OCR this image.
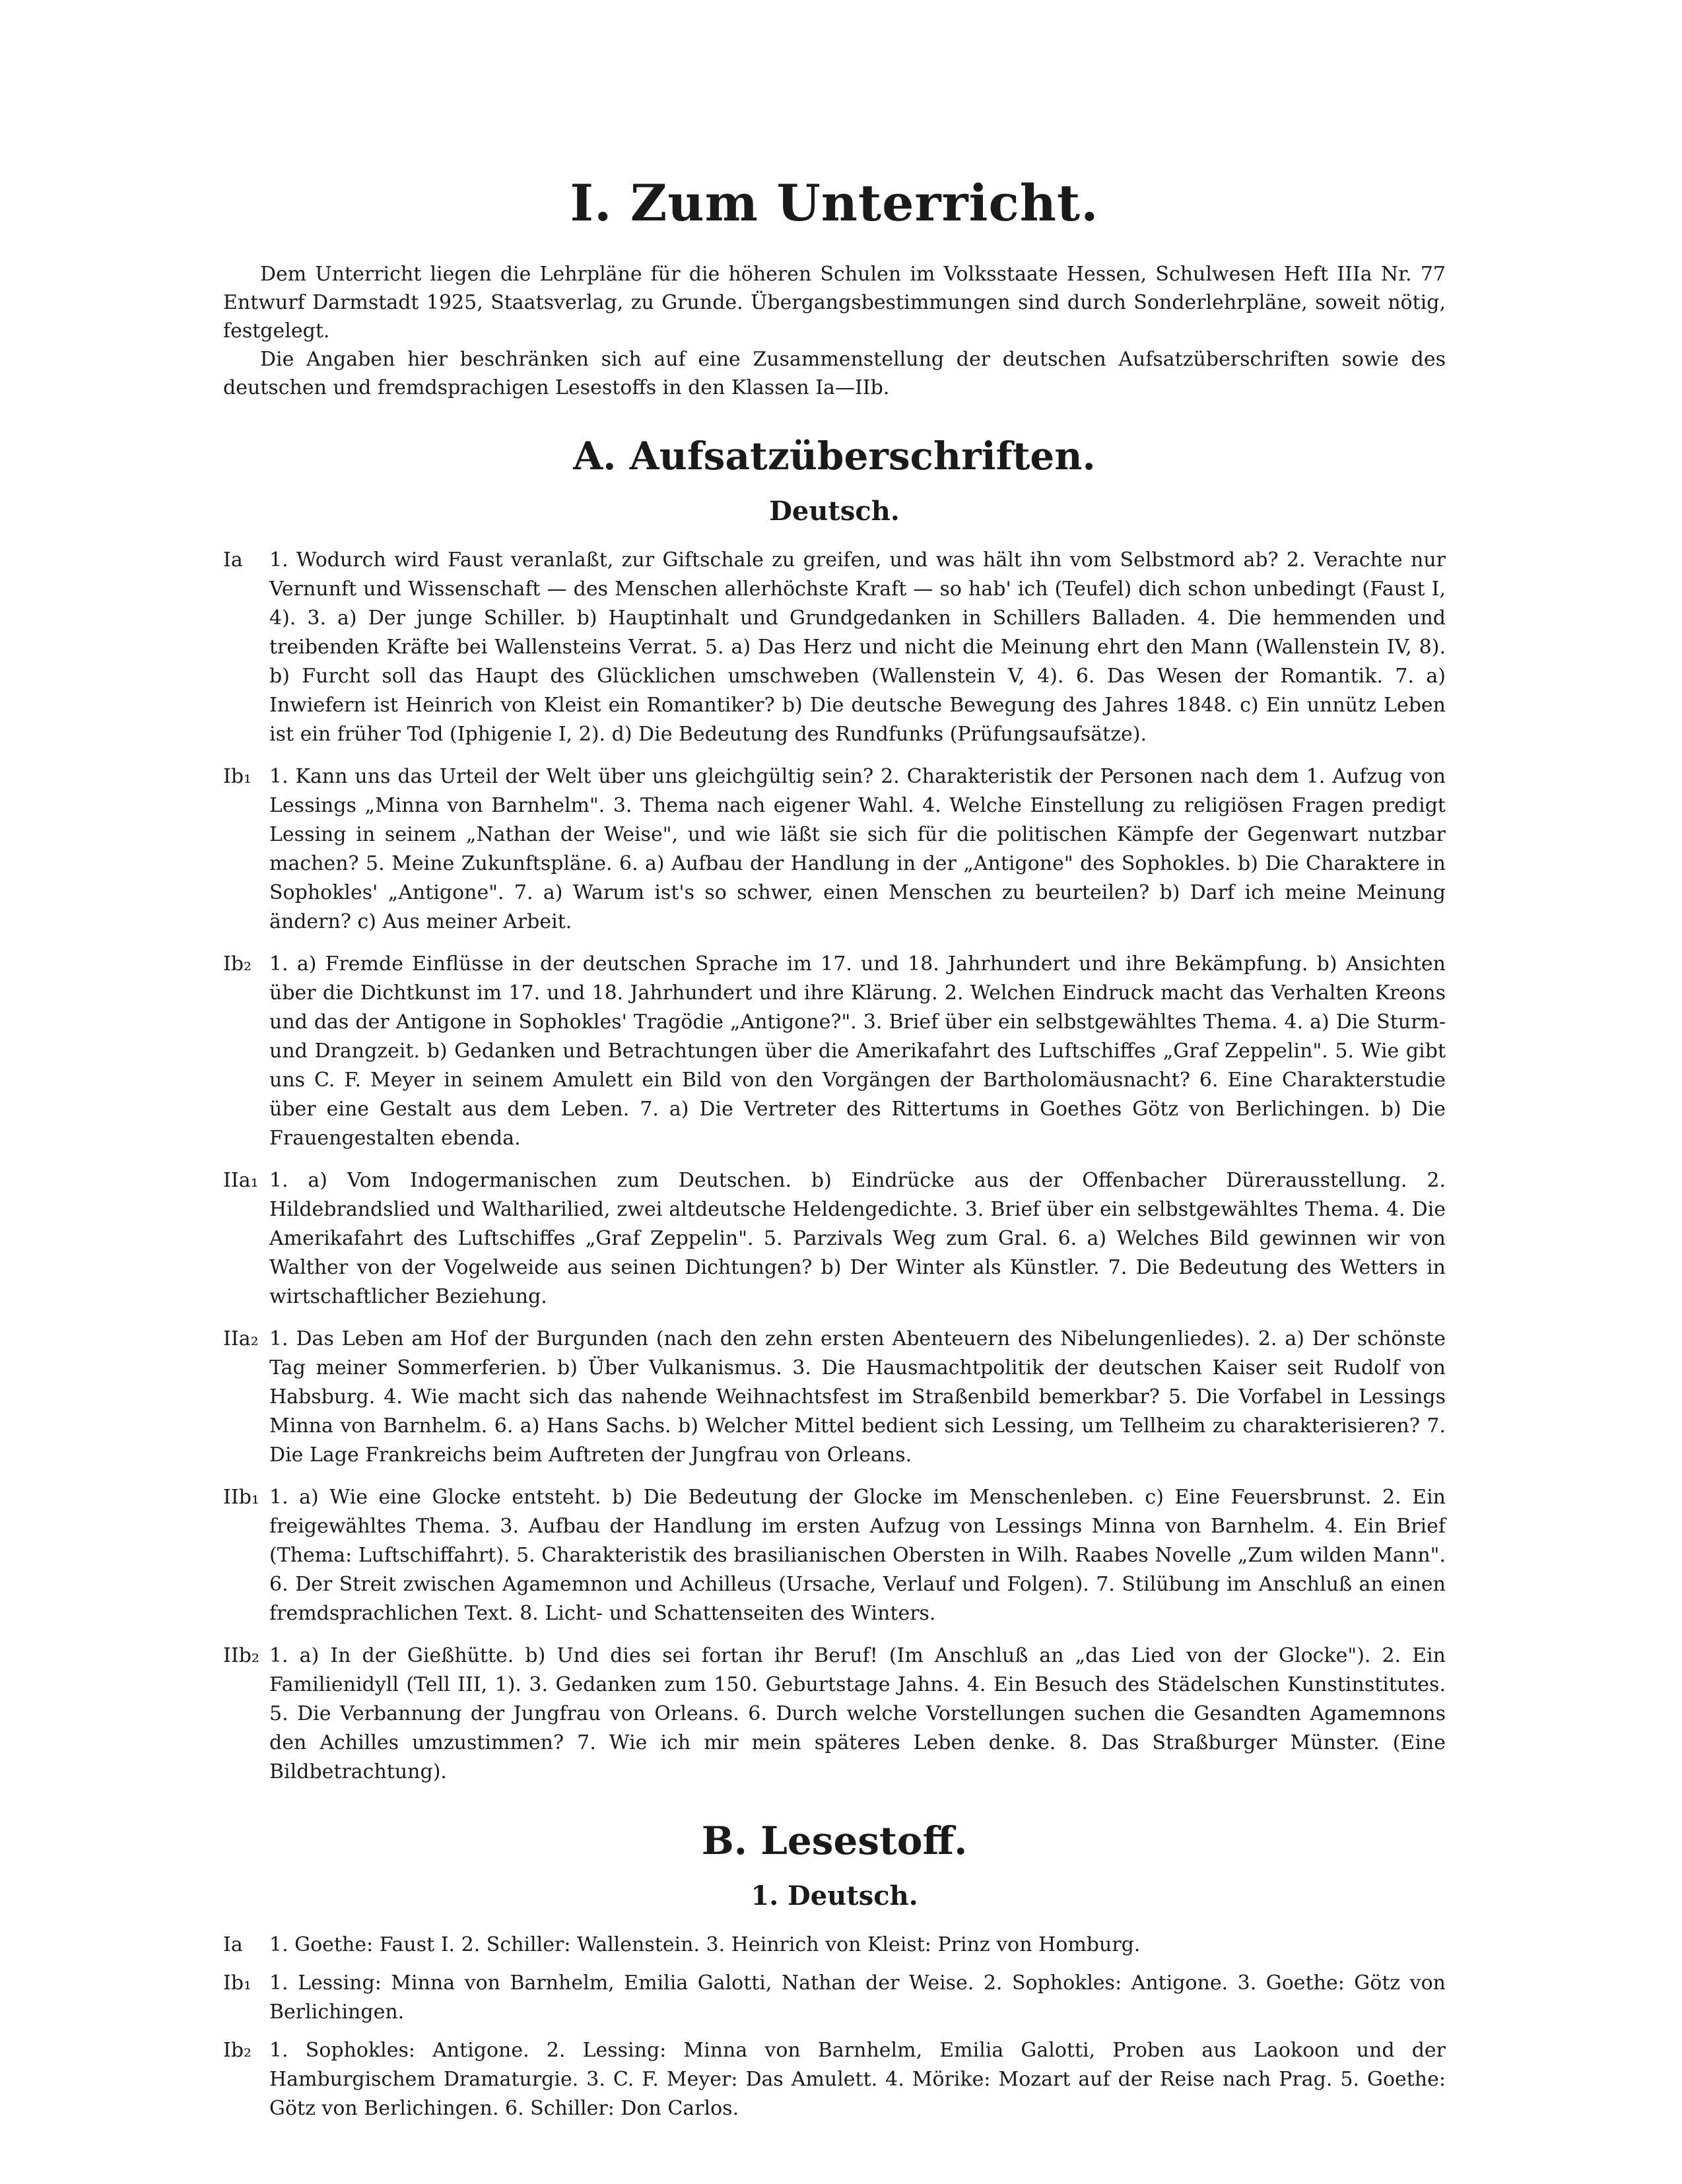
I. Zum Unterricht.

Dem Unterricht liegen die Lehrpläne für die höheren Schulen im Volksstaate Hessen, Schulwesen Heft IIIa Nr. 77 Entwurf Darmstadt 1925, Staatsverlag, zu Grunde. Übergangsbestimmungen sind durch Sonderlehrpläne, soweit nötig, festgelegt.

Die Angaben hier beschränken sich auf eine Zusammenstellung der deutschen Aufsatzüberschriften sowie des deutschen und fremdsprachigen Lesestoffs in den Klassen Ia—IIb.

A. Aufsatzüberschriften.
Deutsch.
Ia	1. Wodurch wird Faust veranlaßt, zur Giftschale zu greifen, und was hält ihn vom Selbstmord ab? 2. Verachte nur Vernunft und Wissenschaft — des Menschen allerhöchste Kraft — so hab' ich (Teufel) dich schon unbedingt (Faust I, 4). 3. a) Der junge Schiller. b) Hauptinhalt und Grundgedanken in Schillers Balladen. 4. Die hemmenden und treibenden Kräfte bei Wallensteins Verrat. 5. a) Das Herz und nicht die Meinung ehrt den Mann (Wallenstein IV, 8). b) Furcht soll das Haupt des Glücklichen umschweben (Wallenstein V, 4). 6. Das Wesen der Romantik. 7. a) Inwiefern ist Heinrich von Kleist ein Romantiker? b) Die deutsche Bewegung des Jahres 1848. c) Ein unnütz Leben ist ein früher Tod (Iphigenie I, 2). d) Die Bedeutung des Rundfunks (Prüfungsaufsätze).
Ib₁ 1. Kann uns das Urteil der Welt über uns gleichgültig sein? 2. Charakteristik der Personen nach dem 1. Aufzug von Lessings „Minna von Barnhelm". 3. Thema nach eigener Wahl. 4. Welche Einstellung zu religiösen Fragen predigt Lessing in seinem „Nathan der Weise", und wie läßt sie sich für die politischen Kämpfe der Gegenwart nutzbar machen? 5. Meine Zukunftspläne. 6. a) Aufbau der Handlung in der „Antigone" des Sophokles. b) Die Charaktere in Sophokles' „Antigone". 7. a) Warum ist's so schwer, einen Menschen zu beurteilen? b) Darf ich meine Meinung ändern? c) Aus meiner Arbeit.
Ib₂ 1. a) Fremde Einflüsse in der deutschen Sprache im 17. und 18. Jahrhundert und ihre Bekämpfung. b) Ansichten über die Dichtkunst im 17. und 18. Jahrhundert und ihre Klärung. 2. Welchen Eindruck macht das Verhalten Kreons und das der Antigone in Sophokles' Tragödie „Antigone?". 3. Brief über ein selbstgewähltes Thema. 4. a) Die Sturm- und Drangzeit. b) Gedanken und Betrachtungen über die Amerikafahrt des Luftschiffes „Graf Zeppelin". 5. Wie gibt uns C. F. Meyer in seinem Amulett ein Bild von den Vorgängen der Bartholomäusnacht? 6. Eine Charakterstudie über eine Gestalt aus dem Leben. 7. a) Die Vertreter des Rittertums in Goethes Götz von Berlichingen. b) Die Frauengestalten ebenda.
IIa₁ 1. a) Vom Indogermanischen zum Deutschen. b) Eindrücke aus der Offenbacher Dürerausstellung. 2. Hildebrandslied und Waltharilied, zwei altdeutsche Heldengedichte. 3. Brief über ein selbstgewähltes Thema. 4. Die Amerikafahrt des Luftschiffes „Graf Zeppelin". 5. Parzivals Weg zum Gral. 6. a) Welches Bild gewinnen wir von Walther von der Vogelweide aus seinen Dichtungen? b) Der Winter als Künstler. 7. Die Bedeutung des Wetters in wirtschaftlicher Beziehung.
IIa₂ 1. Das Leben am Hof der Burgunden (nach den zehn ersten Abenteuern des Nibelungenliedes). 2. a) Der schönste Tag meiner Sommerferien. b) Über Vulkanismus. 3. Die Hausmachtpolitik der deutschen Kaiser seit Rudolf von Habsburg. 4. Wie macht sich das nahende Weihnachtsfest im Straßenbild bemerkbar? 5. Die Vorfabel in Lessings Minna von Barnhelm. 6. a) Hans Sachs. b) Welcher Mittel bedient sich Lessing, um Tellheim zu charakterisieren? 7. Die Lage Frankreichs beim Auftreten der Jungfrau von Orleans.
IIb₁ 1. a) Wie eine Glocke entsteht. b) Die Bedeutung der Glocke im Menschenleben. c) Eine Feuersbrunst. 2. Ein freigewähltes Thema. 3. Aufbau der Handlung im ersten Aufzug von Lessings Minna von Barnhelm. 4. Ein Brief (Thema: Luftschiffahrt). 5. Charakteristik des brasilianischen Obersten in Wilh. Raabes Novelle „Zum wilden Mann". 6. Der Streit zwischen Agamemnon und Achilleus (Ursache, Verlauf und Folgen). 7. Stilübung im Anschluß an einen fremdsprachlichen Text. 8. Licht- und Schattenseiten des Winters.
IIb₂ 1. a) In der Gießhütte. b) Und dies sei fortan ihr Beruf! (Im Anschluß an „das Lied von der Glocke"). 2. Ein Familienidyll (Tell III, 1). 3. Gedanken zum 150. Geburtstage Jahns. 4. Ein Besuch des Städelschen Kunstinstitutes. 5. Die Verbannung der Jungfrau von Orleans. 6. Durch welche Vorstellungen suchen die Gesandten Agamemnons den Achilles umzustimmen? 7. Wie ich mir mein späteres Leben denke. 8. Das Straßburger Münster. (Eine Bildbetrachtung).
B. Lesestoff.
1. Deutsch.
Ia	1. Goethe: Faust I. 2. Schiller: Wallenstein. 3. Heinrich von Kleist: Prinz von Homburg.
Ib₁ 1. Lessing: Minna von Barnhelm, Emilia Galotti, Nathan der Weise. 2. Sophokles: Antigone. 3. Goethe: Götz von Berlichingen.
Ib₂ 1. Sophokles: Antigone. 2. Lessing: Minna von Barnhelm, Emilia Galotti, Proben aus Laokoon und der Hamburgischem Dramaturgie. 3. C. F. Meyer: Das Amulett. 4. Mörike: Mozart auf der Reise nach Prag. 5. Goethe: Götz von Berlichingen. 6. Schiller: Don Carlos.
